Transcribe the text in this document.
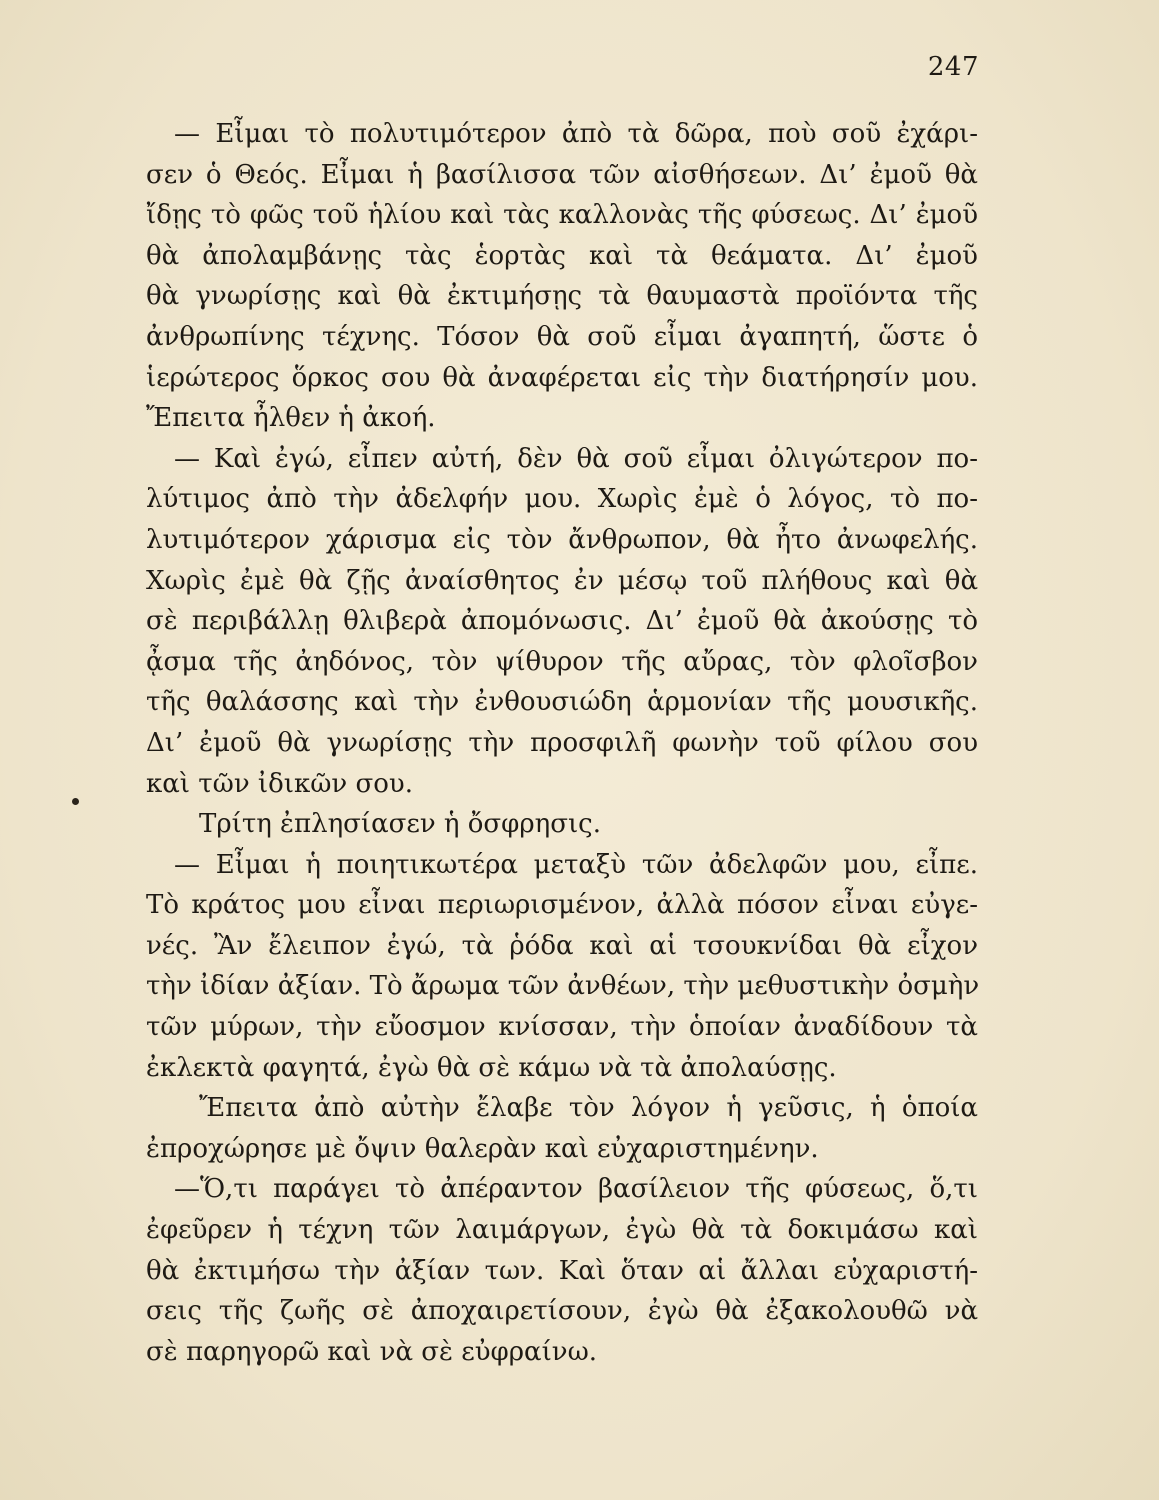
247
— Εἶμαι τὸ πολυτιμότερον ἀπὸ τὰ δῶρα, ποὺ σοῦ ἐχάρι-
σεν ὁ Θεός. Εἶμαι ἡ βασίλισσα τῶν αἰσθήσεων. Δι’ ἐμοῦ θὰ
ἴδῃς τὸ φῶς τοῦ ἡλίου καὶ τὰς καλλονὰς τῆς φύσεως. Δι’ ἐμοῦ
θὰ ἀπολαμβάνῃς τὰς ἑορτὰς καὶ τὰ θεάματα. Δι’ ἐμοῦ
θὰ γνωρίσῃς καὶ θὰ ἐκτιμήσῃς τὰ θαυμαστὰ προϊόντα τῆς
ἀνθρωπίνης τέχνης. Τόσον θὰ σοῦ εἶμαι ἀγαπητή, ὥστε ὁ
ἱερώτερος ὅρκος σου θὰ ἀναφέρεται εἰς τὴν διατήρησίν μου.
Ἔπειτα ἦλθεν ἡ ἀκοή.
— Καὶ ἐγώ, εἶπεν αὐτή, δὲν θὰ σοῦ εἶμαι ὀλιγώτερον πο-
λύτιμος ἀπὸ τὴν ἀδελφήν μου. Χωρὶς ἐμὲ ὁ λόγος, τὸ πο-
λυτιμότερον χάρισμα εἰς τὸν ἄνθρωπον, θὰ ἦτο ἀνωφελής.
Χωρὶς ἐμὲ θὰ ζῇς ἀναίσθητος ἐν μέσῳ τοῦ πλήθους καὶ θὰ
σὲ περιβάλλῃ θλιβερὰ ἀπομόνωσις. Δι’ ἐμοῦ θὰ ἀκούσῃς τὸ
ᾆσμα τῆς ἀηδόνος, τὸν ψίθυρον τῆς αὔρας, τὸν φλοῖσβον
τῆς θαλάσσης καὶ τὴν ἐνθουσιώδη ἁρμονίαν τῆς μουσικῆς.
Δι’ ἐμοῦ θὰ γνωρίσῃς τὴν προσφιλῆ φωνὴν τοῦ φίλου σου
καὶ τῶν ἰδικῶν σου.
Τρίτη ἐπλησίασεν ἡ ὄσφρησις.
— Εἶμαι ἡ ποιητικωτέρα μεταξὺ τῶν ἀδελφῶν μου, εἶπε.
Τὸ κράτος μου εἶναι περιωρισμένον, ἀλλὰ πόσον εἶναι εὐγε-
νές. Ἂν ἔλειπον ἐγώ, τὰ ῥόδα καὶ αἱ τσουκνίδαι θὰ εἶχον
τὴν ἰδίαν ἀξίαν. Τὸ ἄρωμα τῶν ἀνθέων, τὴν μεθυστικὴν ὀσμὴν
τῶν μύρων, τὴν εὔοσμον κνίσσαν, τὴν ὁποίαν ἀναδίδουν τὰ
ἐκλεκτὰ φαγητά, ἐγὼ θὰ σὲ κάμω νὰ τὰ ἀπολαύσῃς.
Ἔπειτα ἀπὸ αὐτὴν ἔλαβε τὸν λόγον ἡ γεῦσις, ἡ ὁποία
ἐπροχώρησε μὲ ὄψιν θαλερὰν καὶ εὐχαριστημένην.
—Ὅ,τι παράγει τὸ ἀπέραντον βασίλειον τῆς φύσεως, ὅ,τι
ἐφεῦρεν ἡ τέχνη τῶν λαιμάργων, ἐγὼ θὰ τὰ δοκιμάσω καὶ
θὰ ἐκτιμήσω τὴν ἀξίαν των. Καὶ ὅταν αἱ ἄλλαι εὐχαριστή-
σεις τῆς ζωῆς σὲ ἀποχαιρετίσουν, ἐγὼ θὰ ἐξακολουθῶ νὰ
σὲ παρηγορῶ καὶ νὰ σὲ εὐφραίνω.
